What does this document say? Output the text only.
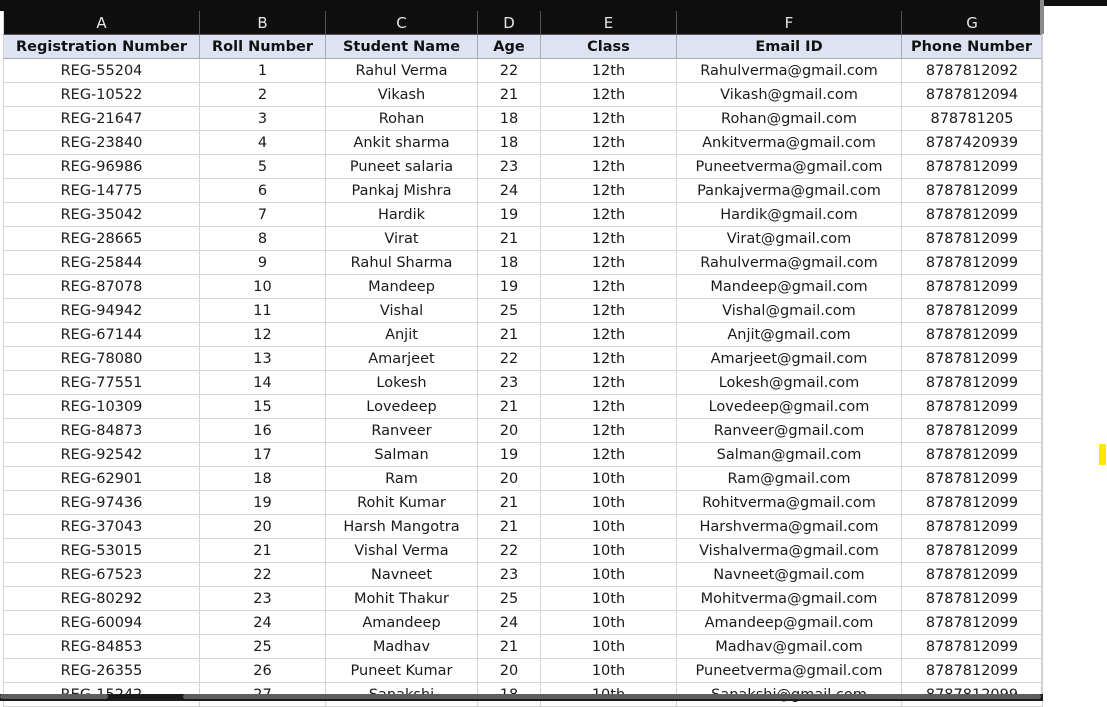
A	B	C	D	E	F	G
Registration Number	Roll Number	Student Name	Age	Class	Email ID	Phone Number
REG-55204	1	Rahul Verma	22	12th	Rahulverma@gmail.com	8787812092
REG-10522	2	Vikash	21	12th	Vikash@gmail.com	8787812094
REG-21647	3	Rohan	18	12th	Rohan@gmail.com	878781205
REG-23840	4	Ankit sharma	18	12th	Ankitverma@gmail.com	8787420939
REG-96986	5	Puneet salaria	23	12th	Puneetverma@gmail.com	8787812099
REG-14775	6	Pankaj Mishra	24	12th	Pankajverma@gmail.com	8787812099
REG-35042	7	Hardik	19	12th	Hardik@gmail.com	8787812099
REG-28665	8	Virat	21	12th	Virat@gmail.com	8787812099
REG-25844	9	Rahul Sharma	18	12th	Rahulverma@gmail.com	8787812099
REG-87078	10	Mandeep	19	12th	Mandeep@gmail.com	8787812099
REG-94942	11	Vishal	25	12th	Vishal@gmail.com	8787812099
REG-67144	12	Anjit	21	12th	Anjit@gmail.com	8787812099
REG-78080	13	Amarjeet	22	12th	Amarjeet@gmail.com	8787812099
REG-77551	14	Lokesh	23	12th	Lokesh@gmail.com	8787812099
REG-10309	15	Lovedeep	21	12th	Lovedeep@gmail.com	8787812099
REG-84873	16	Ranveer	20	12th	Ranveer@gmail.com	8787812099
REG-92542	17	Salman	19	12th	Salman@gmail.com	8787812099
REG-62901	18	Ram	20	10th	Ram@gmail.com	8787812099
REG-97436	19	Rohit Kumar	21	10th	Rohitverma@gmail.com	8787812099
REG-37043	20	Harsh Mangotra	21	10th	Harshverma@gmail.com	8787812099
REG-53015	21	Vishal Verma	22	10th	Vishalverma@gmail.com	8787812099
REG-67523	22	Navneet	23	10th	Navneet@gmail.com	8787812099
REG-80292	23	Mohit Thakur	25	10th	Mohitverma@gmail.com	8787812099
REG-60094	24	Amandeep	24	10th	Amandeep@gmail.com	8787812099
REG-84853	25	Madhav	21	10th	Madhav@gmail.com	8787812099
REG-26355	26	Puneet Kumar	20	10th	Puneetverma@gmail.com	8787812099
